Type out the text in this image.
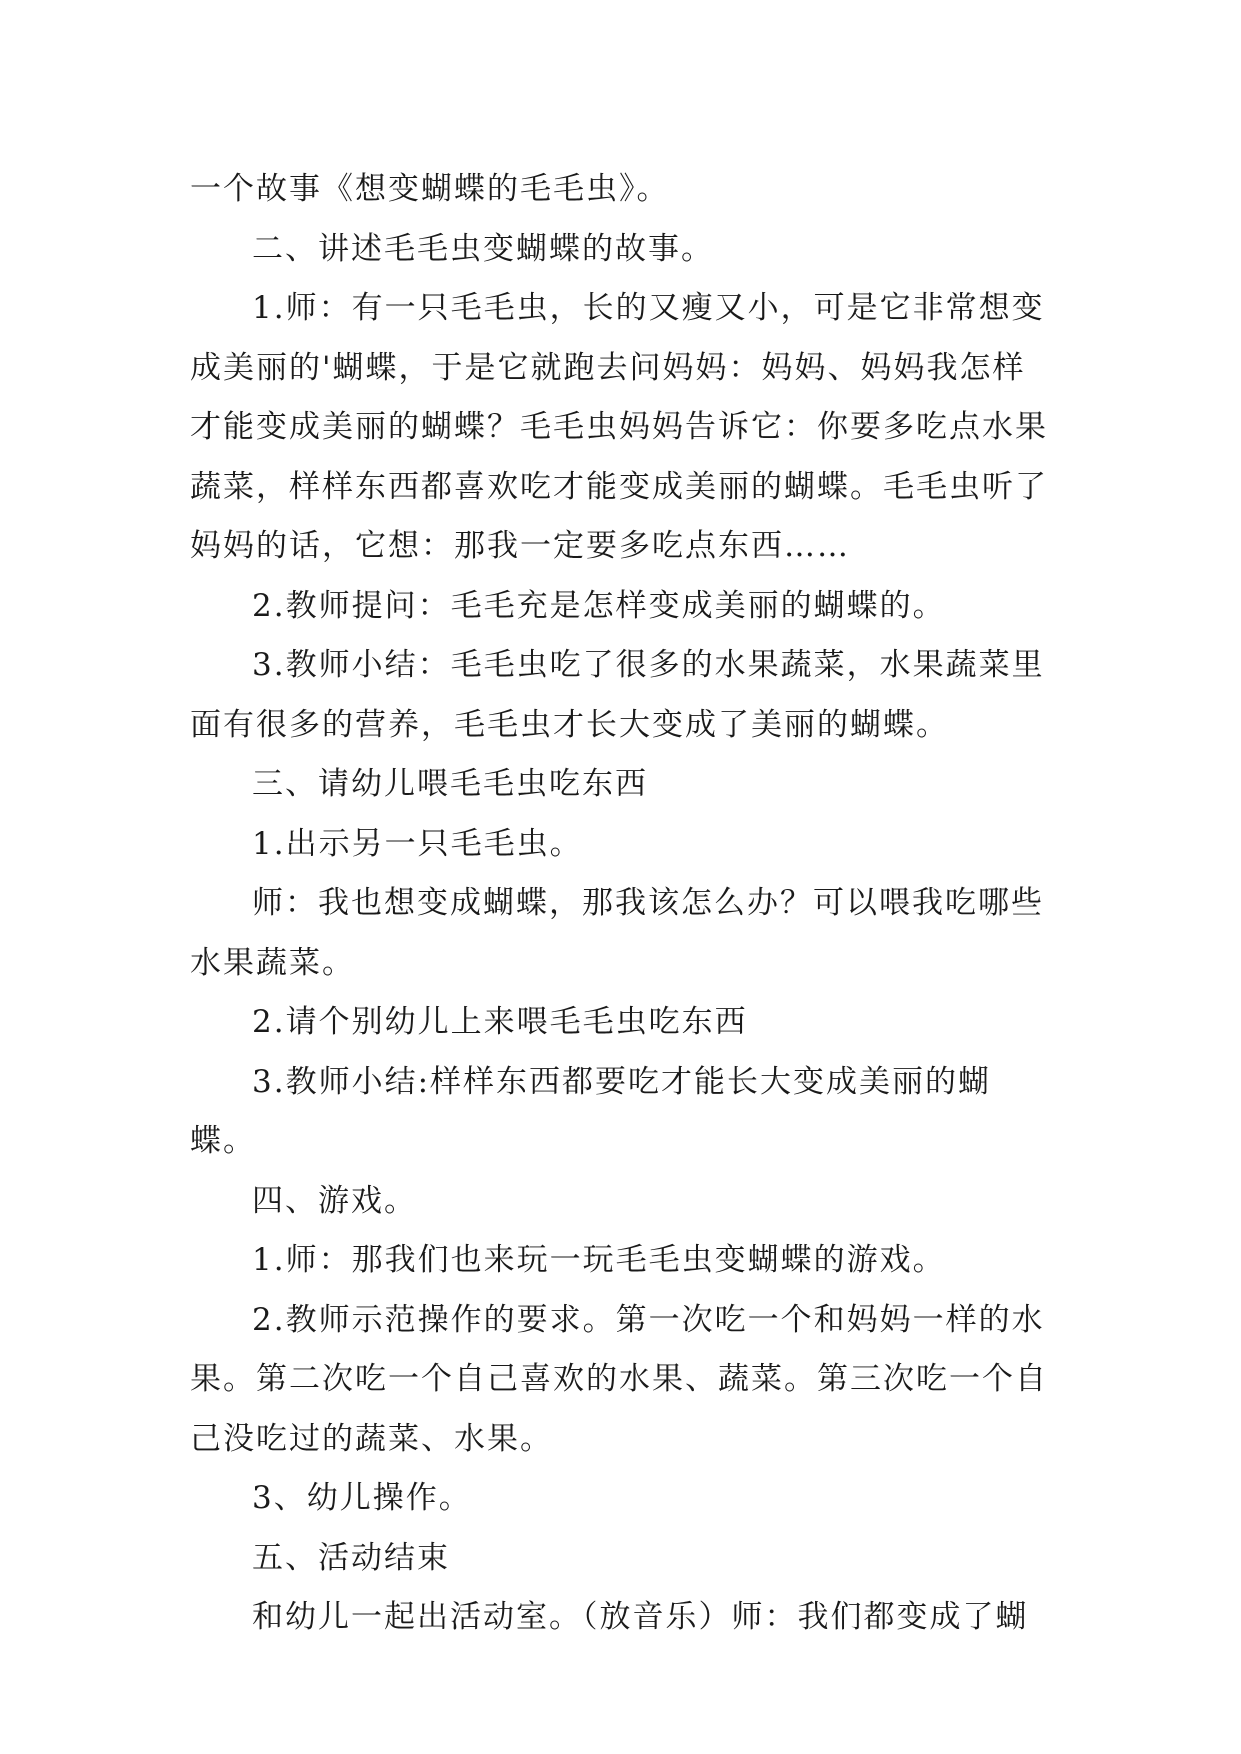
一个故事《想变蝴蝶的毛毛虫》。

二、讲述毛毛虫变蝴蝶的故事。

1.师：有一只毛毛虫，长的又瘦又小，可是它非常想变成美丽的'蝴蝶，于是它就跑去问妈妈：妈妈、妈妈我怎样才能变成美丽的蝴蝶？毛毛虫妈妈告诉它：你要多吃点水果蔬菜，样样东西都喜欢吃才能变成美丽的蝴蝶。毛毛虫听了妈妈的话，它想：那我一定要多吃点东西……

2.教师提问：毛毛充是怎样变成美丽的蝴蝶的。

3.教师小结：毛毛虫吃了很多的水果蔬菜，水果蔬菜里面有很多的营养，毛毛虫才长大变成了美丽的蝴蝶。

三、请幼儿喂毛毛虫吃东西

1.出示另一只毛毛虫。

师：我也想变成蝴蝶，那我该怎么办？可以喂我吃哪些水果蔬菜。

2.请个别幼儿上来喂毛毛虫吃东西

3.教师小结:样样东西都要吃才能长大变成美丽的蝴蝶。

四、游戏。

1.师：那我们也来玩一玩毛毛虫变蝴蝶的游戏。

2.教师示范操作的要求。第一次吃一个和妈妈一样的水果。第二次吃一个自己喜欢的水果、蔬菜。第三次吃一个自己没吃过的蔬菜、水果。

3、幼儿操作。

五、活动结束

和幼儿一起出活动室。（放音乐）师：我们都变成了蝴
